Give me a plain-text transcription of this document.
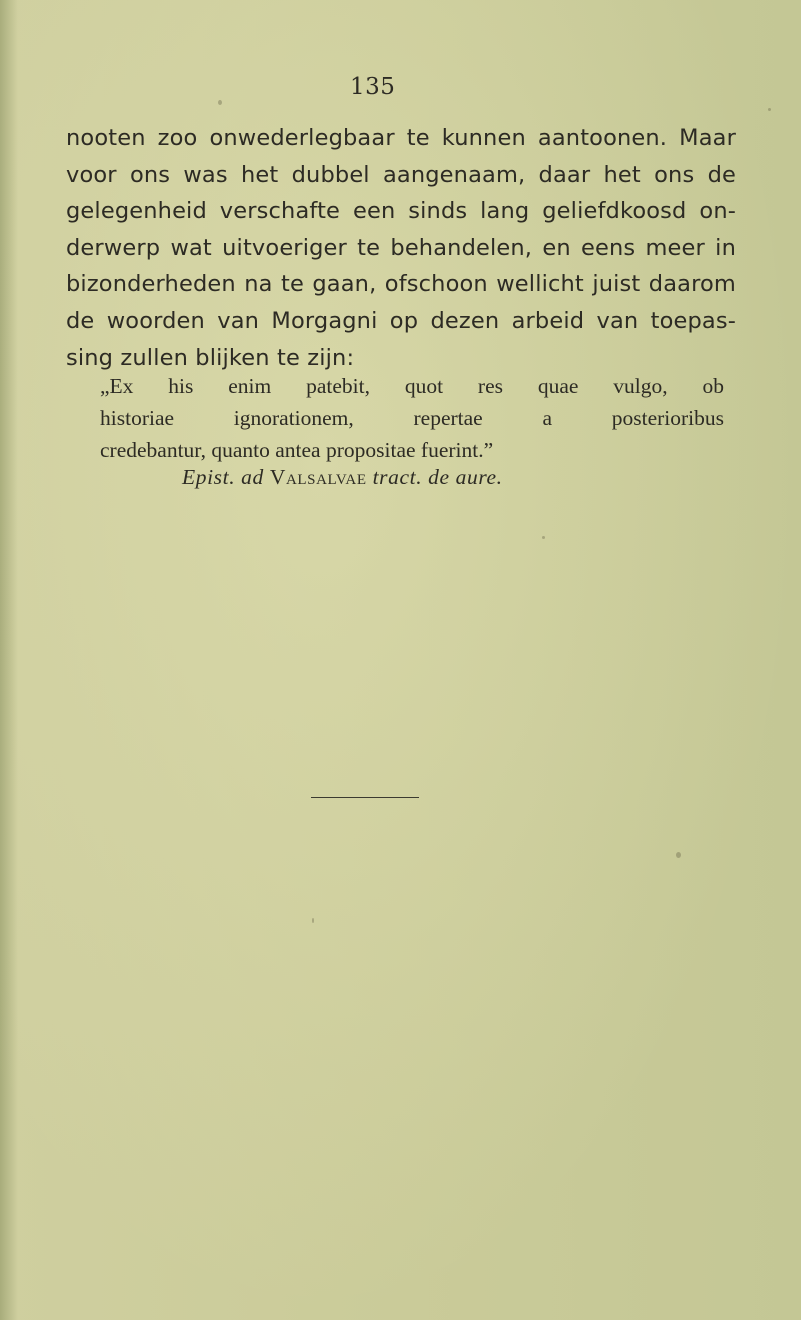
135
nooten zoo onwederlegbaar te kunnen aantoonen. Maar
voor ons was het dubbel aangenaam, daar het ons de
gelegenheid verschafte een sinds lang geliefdkoosd on-
derwerp wat uitvoeriger te behandelen, en eens meer in
bizonderheden na te gaan, ofschoon wellicht juist daarom
de woorden van Morgagni op dezen arbeid van toepas-
sing zullen blijken te zijn:
„Ex his enim patebit, quot res quae vulgo, ob
historiae ignorationem, repertae a posterioribus
credebantur, quanto antea propositae fuerint.”
Epist. ad Valsalvae tract. de aure.
